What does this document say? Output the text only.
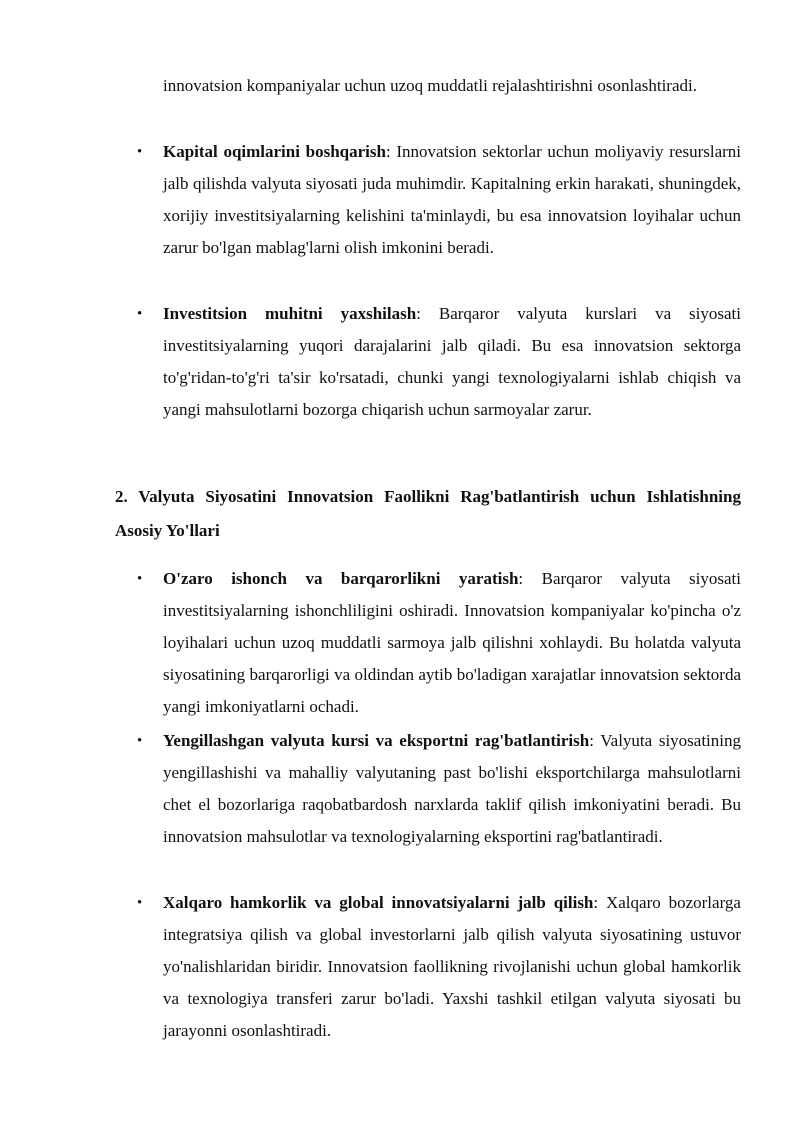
innovatsion kompaniyalar uchun uzoq muddatli rejalashtirishni osonlashtiradi.

• Kapital oqimlarini boshqarish: Innovatsion sektorlar uchun moliyaviy resurslarni jalb qilishda valyuta siyosati juda muhimdir. Kapitalning erkin harakati, shuningdek, xorijiy investitsiyalarning kelishini ta'minlaydi, bu esa innovatsion loyihalar uchun zarur bo'lgan mablag'larni olish imkonini beradi.

• Investitsion muhitni yaxshilash: Barqaror valyuta kurslari va siyosati investitsiyalarning yuqori darajalarini jalb qiladi. Bu esa innovatsion sektorga to'g'ridan-to'g'ri ta'sir ko'rsatadi, chunki yangi texnologiyalarni ishlab chiqish va yangi mahsulotlarni bozorga chiqarish uchun sarmoyalar zarur.

2. Valyuta Siyosatini Innovatsion Faollikni Rag'batlantirish uchun Ishlatishning Asosiy Yo'llari
• O'zaro ishonch va barqarorlikni yaratish: Barqaror valyuta siyosati investitsiyalarning ishonchliligini oshiradi. Innovatsion kompaniyalar ko'pincha o'z loyihalari uchun uzoq muddatli sarmoya jalb qilishni xohlaydi. Bu holatda valyuta siyosatining barqarorligi va oldindan aytib bo'ladigan xarajatlar innovatsion sektorda yangi imkoniyatlarni ochadi.

• Yengillashgan valyuta kursi va eksportni rag'batlantirish: Valyuta siyosatining yengillashishi va mahalliy valyutaning past bo'lishi eksportchilarga mahsulotlarni chet el bozorlariga raqobatbardosh narxlarda taklif qilish imkoniyatini beradi. Bu innovatsion mahsulotlar va texnologiyalarning eksportini rag'batlantiradi.

• Xalqaro hamkorlik va global innovatsiyalarni jalb qilish: Xalqaro bozorlarga integratsiya qilish va global investorlarni jalb qilish valyuta siyosatining ustuvor yo'nalishlaridan biridir. Innovatsion faollikning rivojlanishi uchun global hamkorlik va texnologiya transferi zarur bo'ladi. Yaxshi tashkil etilgan valyuta siyosati bu jarayonni osonlashtiradi.
